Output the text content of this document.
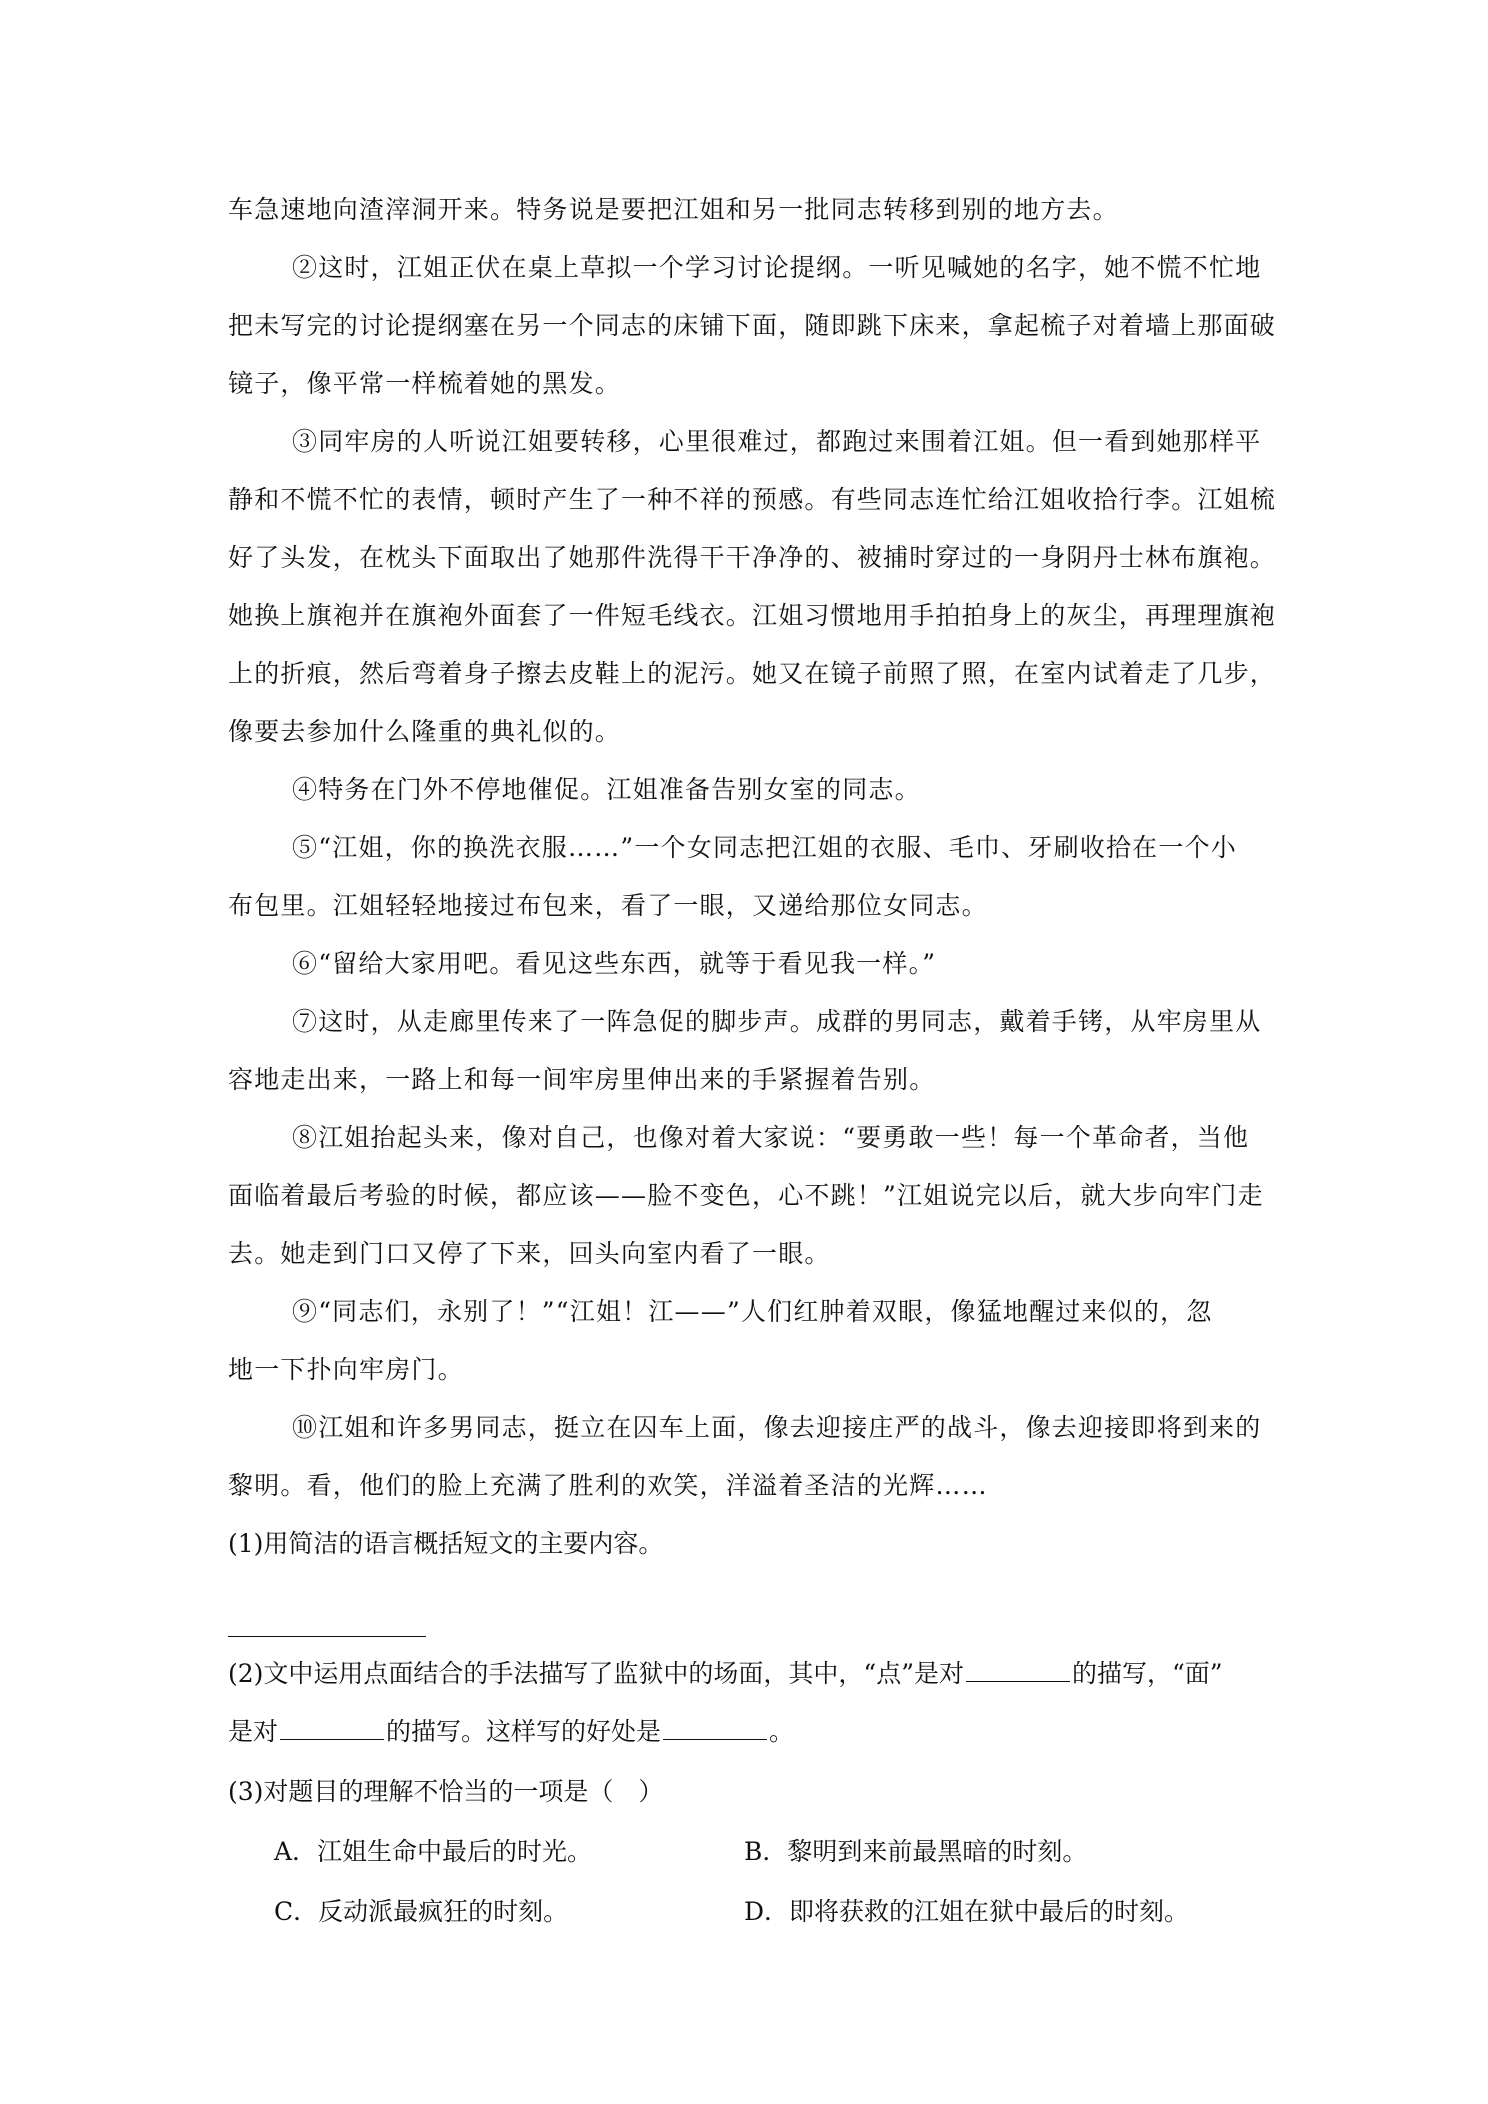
车急速地向渣滓洞开来。特务说是要把江姐和另一批同志转移到别的地方去。
②这时，江姐正伏在桌上草拟一个学习讨论提纲。一听见喊她的名字，她不慌不忙地
把未写完的讨论提纲塞在另一个同志的床铺下面，随即跳下床来，拿起梳子对着墙上那面破
镜子，像平常一样梳着她的黑发。
③同牢房的人听说江姐要转移，心里很难过，都跑过来围着江姐。但一看到她那样平
静和不慌不忙的表情，顿时产生了一种不祥的预感。有些同志连忙给江姐收拾行李。江姐梳
好了头发，在枕头下面取出了她那件洗得干干净净的、被捕时穿过的一身阴丹士林布旗袍。
她换上旗袍并在旗袍外面套了一件短毛线衣。江姐习惯地用手拍拍身上的灰尘，再理理旗袍
上的折痕，然后弯着身子擦去皮鞋上的泥污。她又在镜子前照了照，在室内试着走了几步，
像要去参加什么隆重的典礼似的。
④特务在门外不停地催促。江姐准备告别女室的同志。
⑤“江姐，你的换洗衣服……”一个女同志把江姐的衣服、毛巾、牙刷收拾在一个小
布包里。江姐轻轻地接过布包来，看了一眼，又递给那位女同志。
⑥“留给大家用吧。看见这些东西，就等于看见我一样。”
⑦这时，从走廊里传来了一阵急促的脚步声。成群的男同志，戴着手铐，从牢房里从
容地走出来，一路上和每一间牢房里伸出来的手紧握着告别。
⑧江姐抬起头来，像对自己，也像对着大家说：“要勇敢一些！每一个革命者，当他
面临着最后考验的时候，都应该——脸不变色，心不跳！”江姐说完以后，就大步向牢门走
去。她走到门口又停了下来，回头向室内看了一眼。
⑨“同志们，永别了！”“江姐！江——”人们红肿着双眼，像猛地醒过来似的，忽
地一下扑向牢房门。
⑩江姐和许多男同志，挺立在囚车上面，像去迎接庄严的战斗，像去迎接即将到来的
黎明。看，他们的脸上充满了胜利的欢笑，洋溢着圣洁的光辉……
(1)用简洁的语言概括短文的主要内容。
(2)文中运用点面结合的手法描写了监狱中的场面，其中，“点”是对	的描写，“面”
是对	的描写。这样写的好处是	。
(3)对题目的理解不恰当的一项是（　）
A．江姐生命中最后的时光。	B．黎明到来前最黑暗的时刻。
C．反动派最疯狂的时刻。	D．即将获救的江姐在狱中最后的时刻。
